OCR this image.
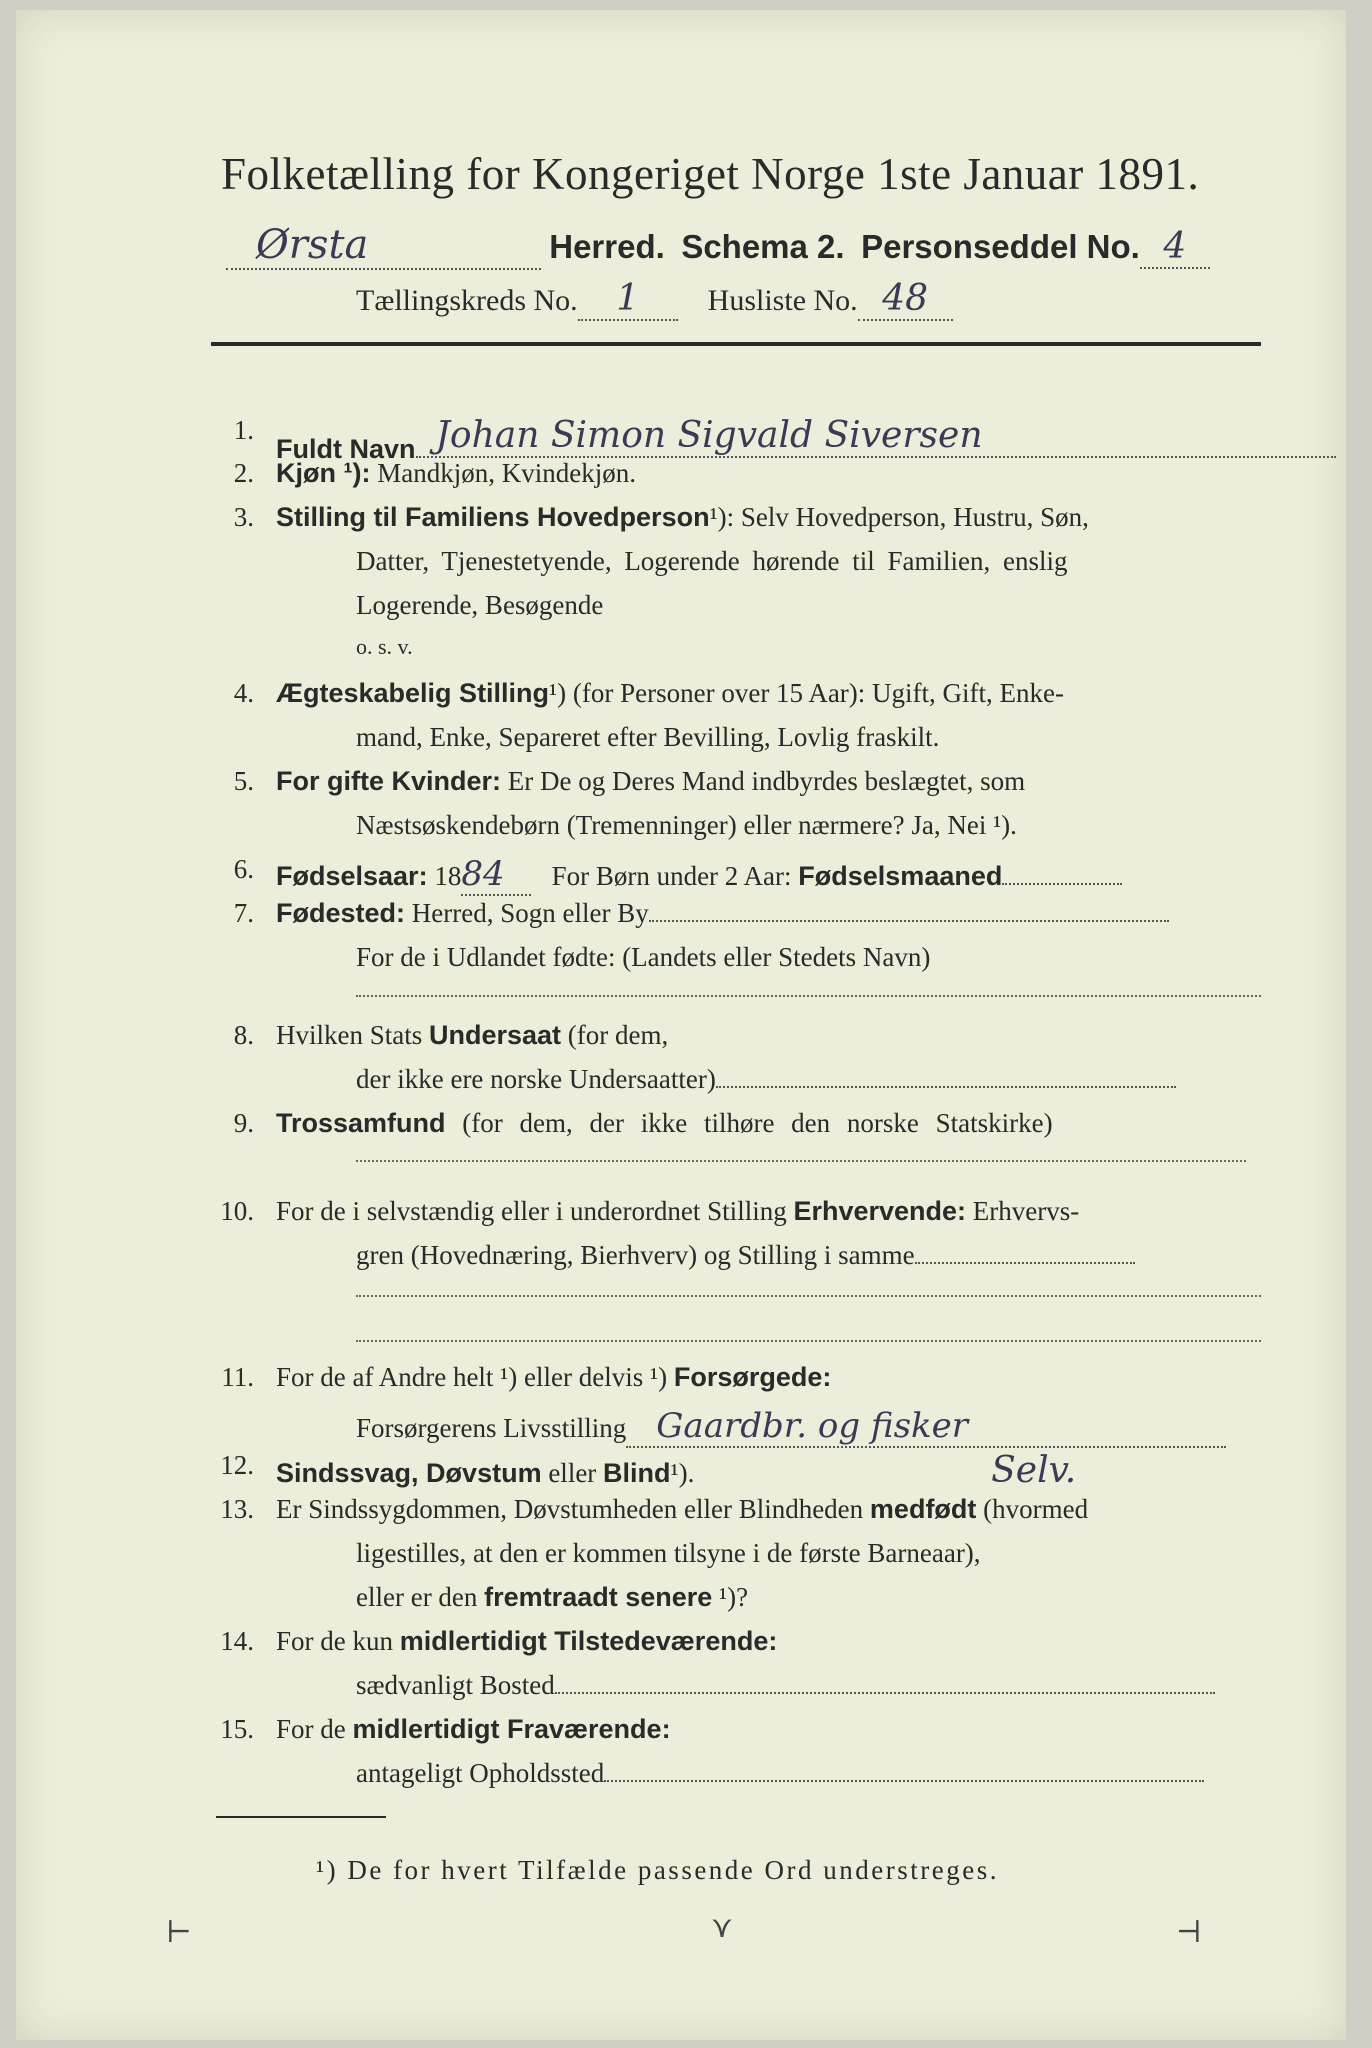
Folketælling for Kongeriget Norge 1ste Januar 1891.
Ørsta	Herred. Schema 2. Personseddel No. 4
Tællingskreds No. 1 Husliste No. 48
1.
Fuldt Navn Johan Simon Sigvald Siversen
2. Kjøn ¹): Mandkjøn, Kvindekjøn.
3. Stilling til Familiens Hovedperson¹): Selv Hovedperson, Hustru, Søn,
Datter, Tjenestetyende, Logerende hørende til Familien, enslig
Logerende, Besøgende
o. s. v.
4. Ægteskabelig Stilling¹) (for Personer over 15 Aar): Ugift, Gift, Enke-
mand, Enke, Separeret efter Bevilling, Lovlig fraskilt.
5. For gifte Kvinder: Er De og Deres Mand indbyrdes beslægtet, som
Næstsøskendebørn (Tremenninger) eller nærmere? Ja, Nei ¹).
6. Fødselsaar: 1884 For Børn under 2 Aar: Fødselsmaaned
7. Fødested: Herred, Sogn eller By
For de i Udlandet fødte: (Landets eller Stedets Navn)
8. Hvilken Stats Undersaat (for dem,
der ikke ere norske Undersaatter)
9. Trossamfund (for dem, der ikke tilhøre den norske Statskirke)
10. For de i selvstændig eller i underordnet Stilling Erhvervende: Erhvervs-
gren (Hovednæring, Bierhverv) og Stilling i samme
11. For de af Andre helt ¹) eller delvis ¹) Forsørgede:
Forsørgerens Livsstilling Gaardbr. og fisker
12. Sindssvag, Døvstum eller Blind¹).	Selv.
13. Er Sindssygdommen, Døvstumheden eller Blindheden medfødt (hvormed
ligestilles, at den er kommen tilsyne i de første Barneaar),
eller er den fremtraadt senere ¹)?
14. For de kun midlertidigt Tilstedeværende:
sædvanligt Bosted
15. For de midlertidigt Fraværende:
antageligt Opholdssted
¹) De for hvert Tilfælde passende Ord understreges.
⊢	⋎	⊣
